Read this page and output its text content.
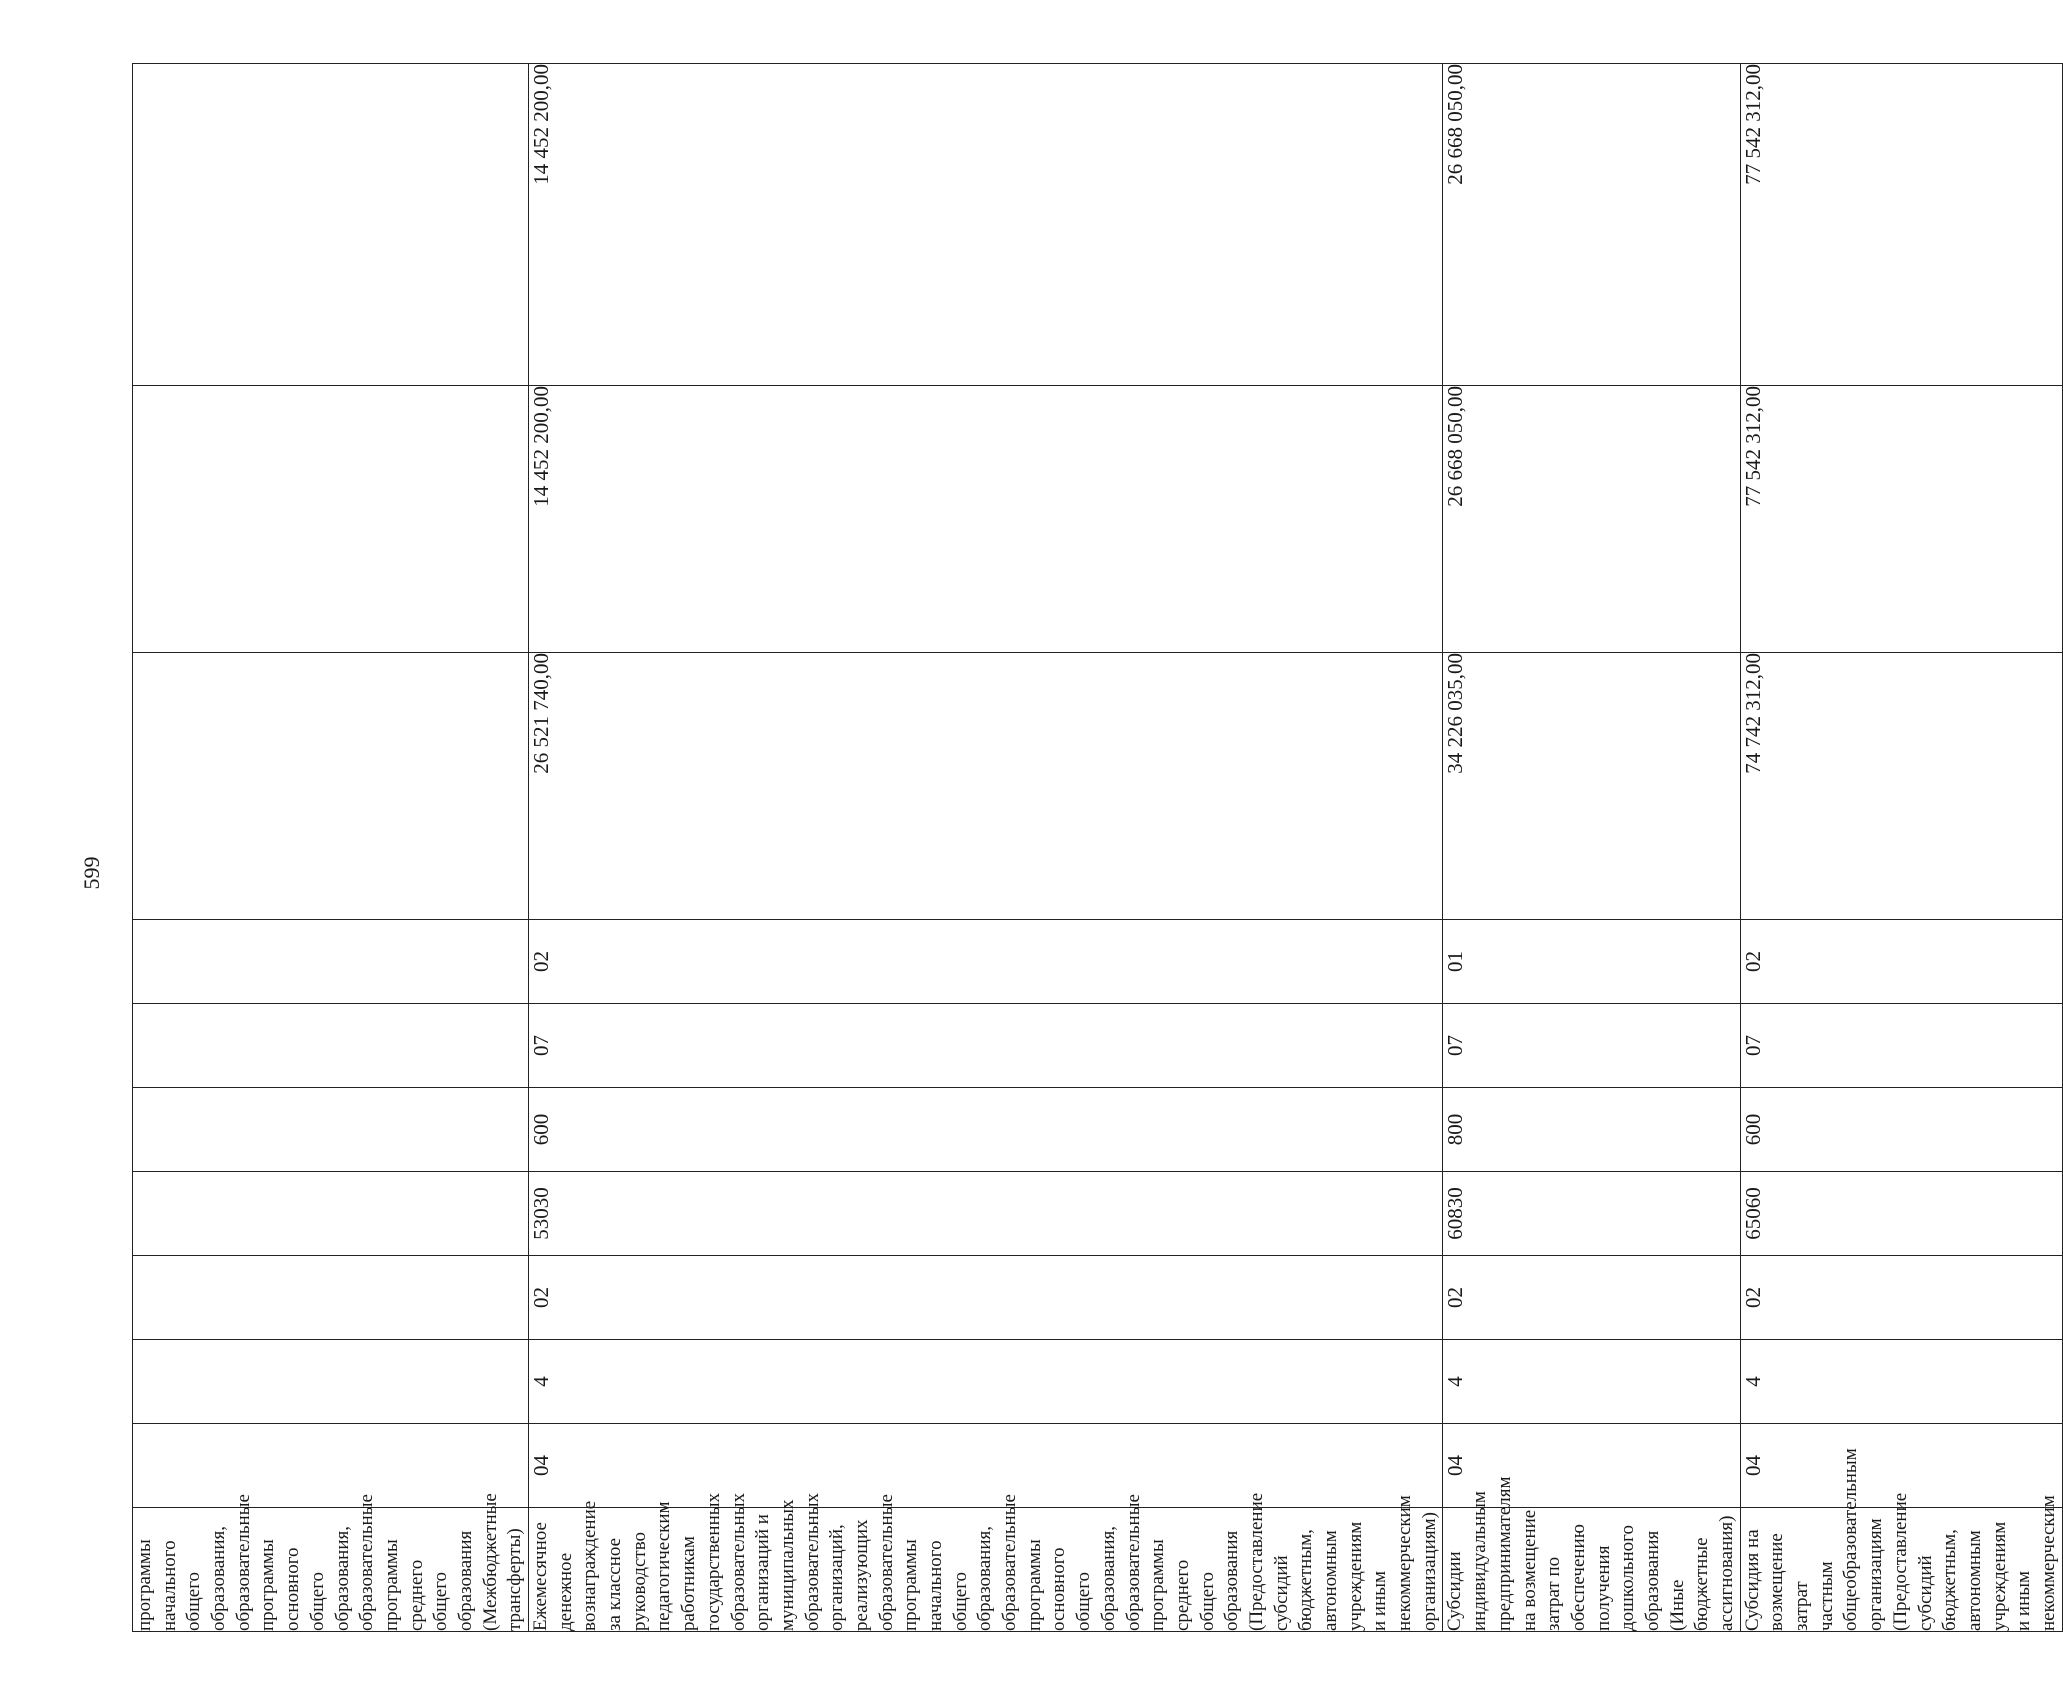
599
программы начального общего образования, образовательные программы основного общего образования, образовательные программы среднего общего образования (Межбюджетные трансферты)										
Ежемесячное денежное вознаграждение за классное руководство педагогическим работникам государственных образовательных организаций и муниципальных образовательных организаций, реализующих образовательные программы начального общего образования, образовательные программы основного общего образования, образовательные программы среднего общего образования (Предоставление субсидий бюджетным, автономным учреждениям и иным некоммерческим организациям)	04	4	02	53030	600	07	02	26 521 740,00	14 452 200,00	14 452 200,00
Субсидии индивидуальным предпринимателям на возмещение затрат по обеспечению получения дошкольного образования (Иные бюджетные ассигнования)	04	4	02	60830	800	07	01	34 226 035,00	26 668 050,00	26 668 050,00
Субсидия на возмещение затрат частным общеобразовательным организациям (Предоставление субсидий бюджетным, автономным учреждениям и иным некоммерческим	04	4	02	65060	600	07	02	74 742 312,00	77 542 312,00	77 542 312,00
